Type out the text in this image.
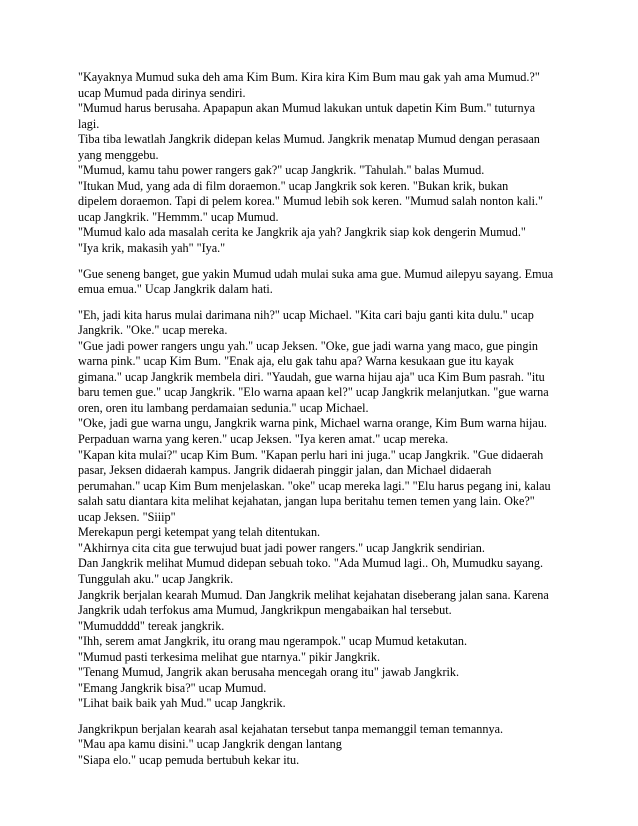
"Kayaknya Mumud suka deh ama Kim Bum. Kira kira Kim Bum mau gak yah ama Mumud.?"
ucap Mumud pada dirinya sendiri.
"Mumud harus berusaha. Apapapun akan Mumud lakukan untuk dapetin Kim Bum." tuturnya
lagi.
Tiba tiba lewatlah Jangkrik didepan kelas Mumud. Jangkrik menatap Mumud dengan perasaan
yang menggebu.
"Mumud, kamu tahu power rangers gak?" ucap Jangkrik. "Tahulah." balas Mumud.
"Itukan Mud, yang ada di film doraemon." ucap Jangkrik sok keren. "Bukan krik, bukan
dipelem doraemon. Tapi di pelem korea." Mumud lebih sok keren. "Mumud salah nonton kali."
ucap Jangkrik. "Hemmm." ucap Mumud.
"Mumud kalo ada masalah cerita ke Jangkrik aja yah? Jangkrik siap kok dengerin Mumud."
"Iya krik, makasih yah" "Iya."
"Gue seneng banget, gue yakin Mumud udah mulai suka ama gue. Mumud ailepyu sayang. Emua
emua emua." Ucap Jangkrik dalam hati.
"Eh, jadi kita harus mulai darimana nih?" ucap Michael. "Kita cari baju ganti kita dulu." ucap
Jangkrik. "Oke." ucap mereka.
"Gue jadi power rangers ungu yah." ucap Jeksen. "Oke, gue jadi warna yang maco, gue pingin
warna pink." ucap Kim Bum. "Enak aja, elu gak tahu apa? Warna kesukaan gue itu kayak
gimana." ucap Jangkrik membela diri. "Yaudah, gue warna hijau aja" uca Kim Bum pasrah. "itu
baru temen gue." ucap Jangkrik. "Elo warna apaan kel?" ucap Jangkrik melanjutkan. "gue warna
oren, oren itu lambang perdamaian sedunia." ucap Michael.
"Oke, jadi gue warna ungu, Jangkrik warna pink, Michael warna orange, Kim Bum warna hijau.
Perpaduan warna yang keren." ucap Jeksen. "Iya keren amat." ucap mereka.
"Kapan kita mulai?" ucap Kim Bum. "Kapan perlu hari ini juga." ucap Jangkrik. "Gue didaerah
pasar, Jeksen didaerah kampus. Jangrik didaerah pinggir jalan, dan Michael didaerah
perumahan." ucap Kim Bum menjelaskan. "oke" ucap mereka lagi." "Elu harus pegang ini, kalau
salah satu diantara kita melihat kejahatan, jangan lupa beritahu temen temen yang lain. Oke?"
ucap Jeksen. "Siiip"
Merekapun pergi ketempat yang telah ditentukan.
"Akhirnya cita cita gue terwujud buat jadi power rangers." ucap Jangkrik sendirian.
Dan Jangkrik melihat Mumud didepan sebuah toko. "Ada Mumud lagi.. Oh, Mumudku sayang.
Tunggulah aku." ucap Jangkrik.
Jangkrik berjalan kearah Mumud. Dan Jangkrik melihat kejahatan diseberang jalan sana. Karena
Jangkrik udah terfokus ama Mumud, Jangkrikpun mengabaikan hal tersebut.
"Mumudddd" tereak jangkrik.
"Ihh, serem amat Jangkrik, itu orang mau ngerampok." ucap Mumud ketakutan.
"Mumud pasti terkesima melihat gue ntarnya." pikir Jangkrik.
"Tenang Mumud, Jangrik akan berusaha mencegah orang itu" jawab Jangkrik.
"Emang Jangkrik bisa?" ucap Mumud.
"Lihat baik baik yah Mud." ucap Jangkrik.
Jangkrikpun berjalan kearah asal kejahatan tersebut tanpa memanggil teman temannya.
"Mau apa kamu disini." ucap Jangkrik dengan lantang
"Siapa elo." ucap pemuda bertubuh kekar itu.
